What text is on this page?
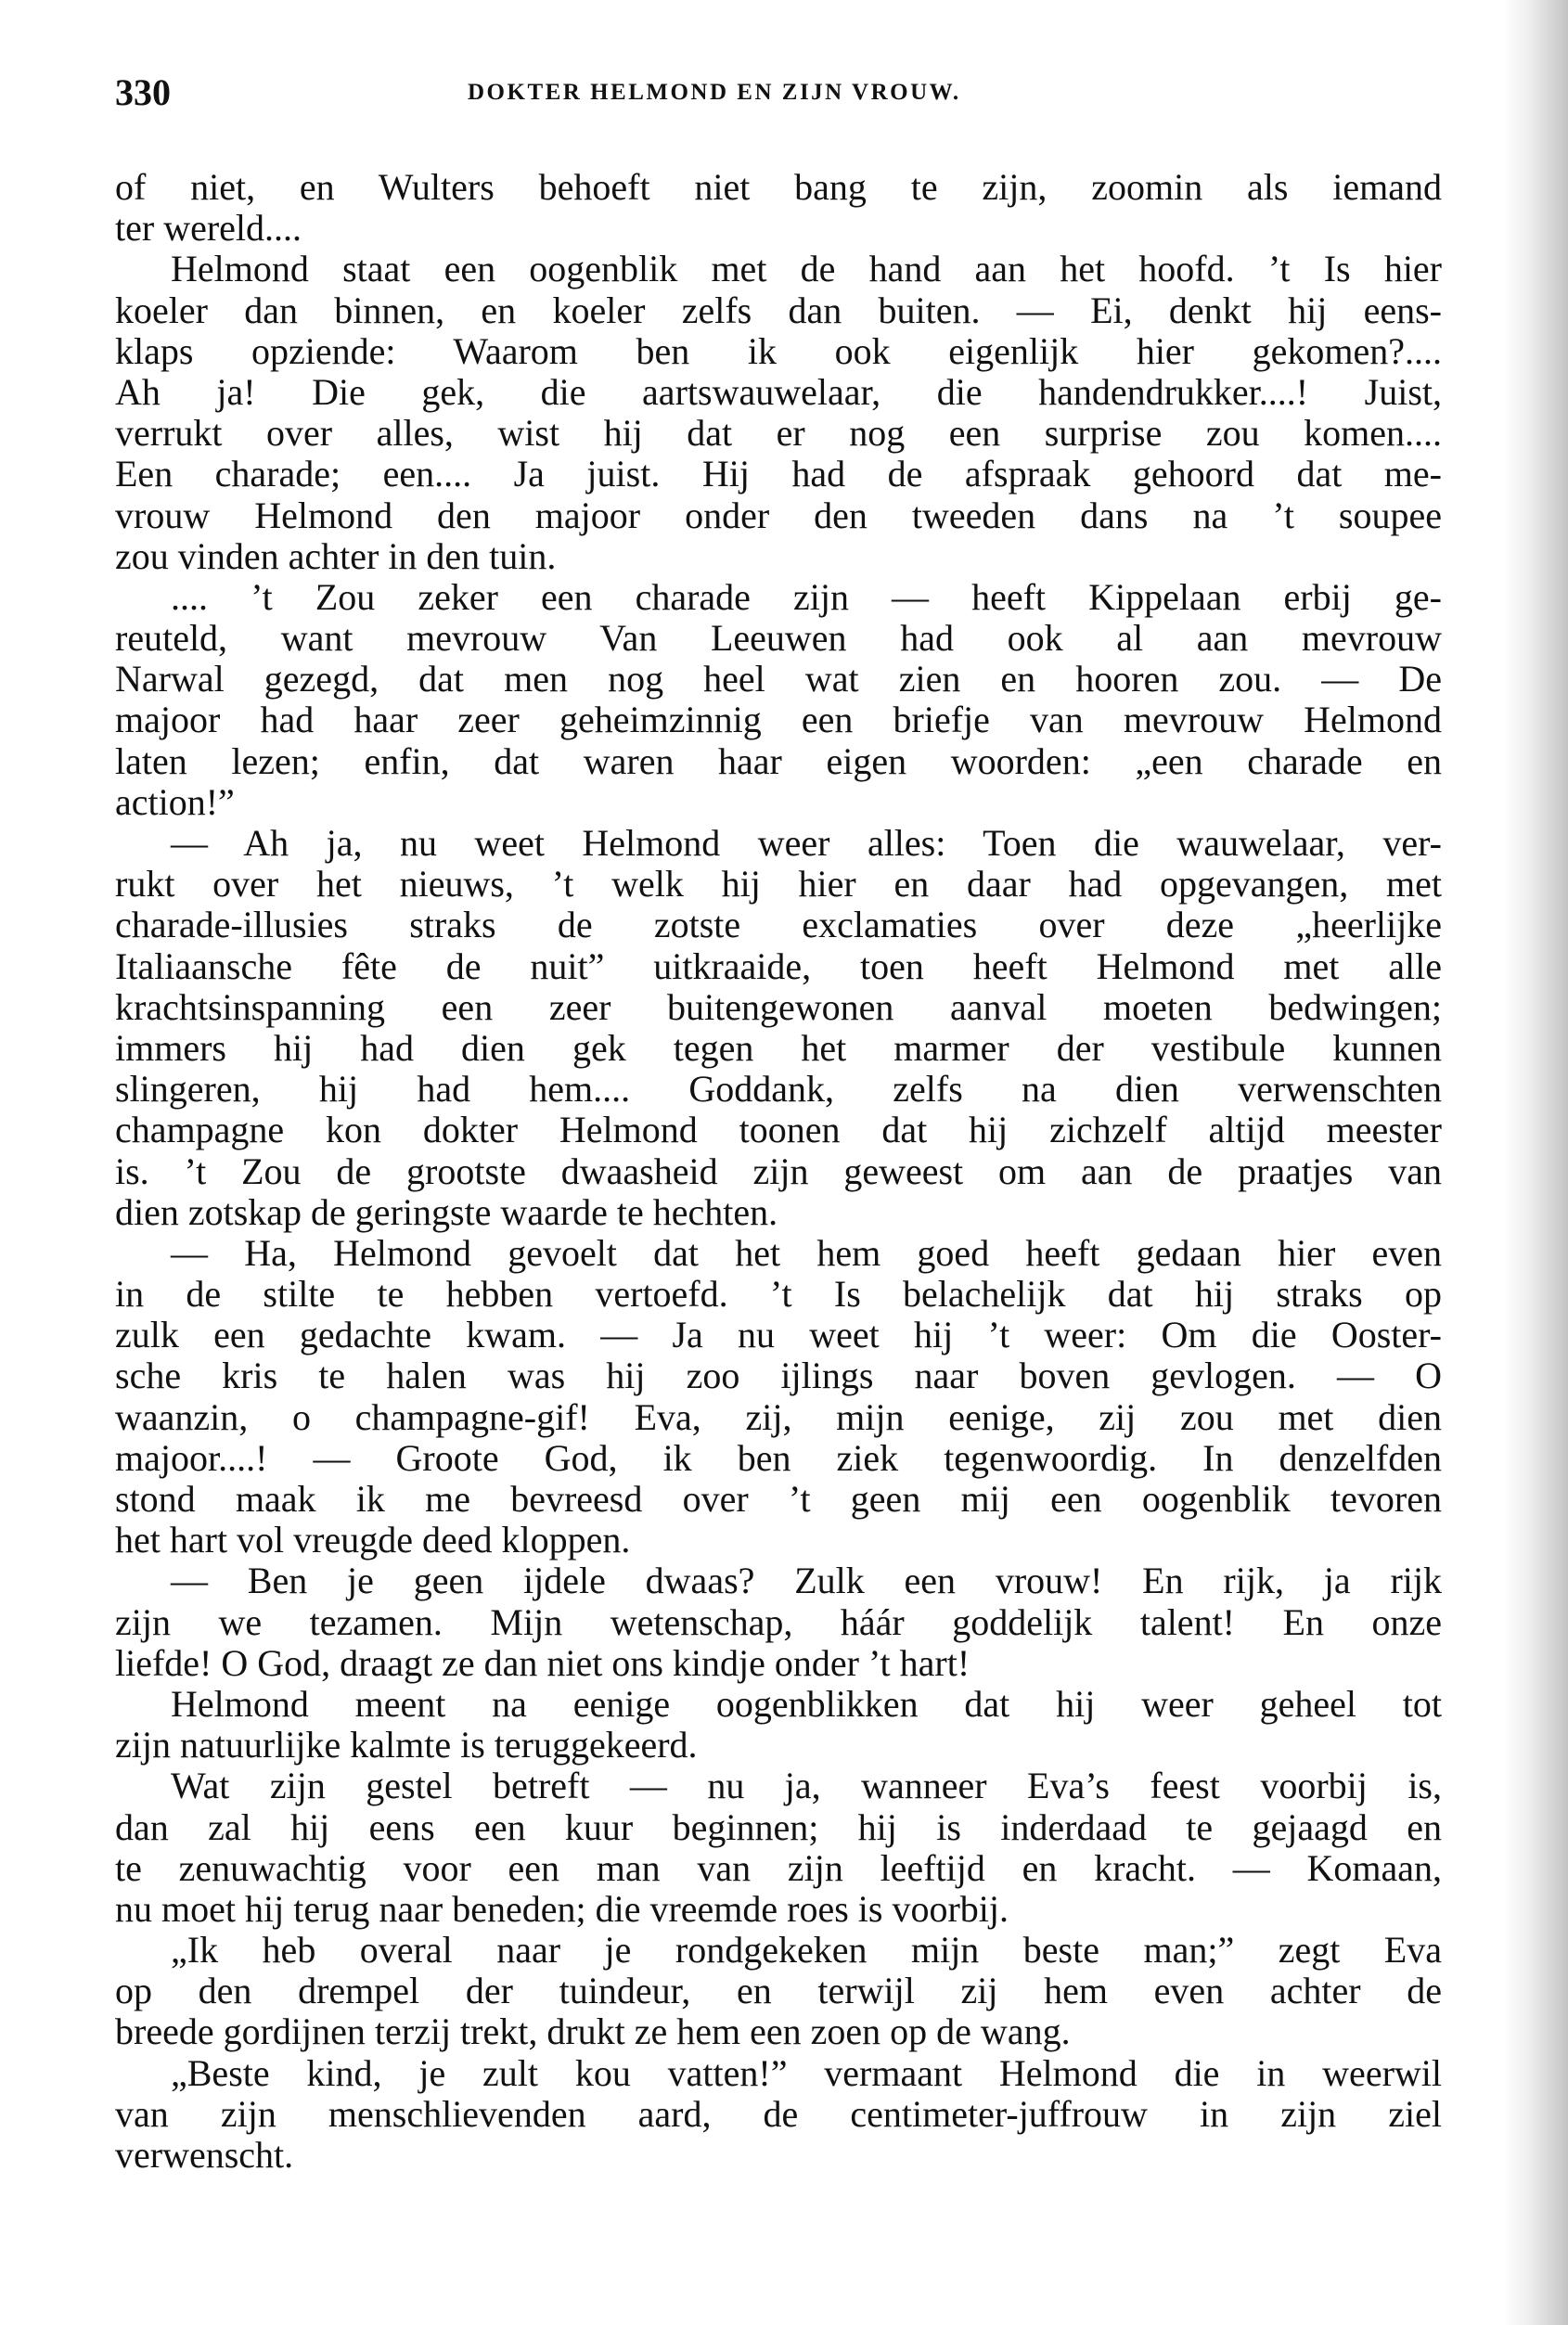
330	DOKTER HELMOND EN ZIJN VROUW.
of niet, en Wulters behoeft niet bang te zijn, zoomin als iemand
ter wereld....
Helmond staat een oogenblik met de hand aan het hoofd. ’t Is hier
koeler dan binnen, en koeler zelfs dan buiten. — Ei, denkt hij eens-
klaps opziende: Waarom ben ik ook eigenlijk hier gekomen?....
Ah ja! Die gek, die aartswauwelaar, die handendrukker....! Juist,
verrukt over alles, wist hij dat er nog een surprise zou komen....
Een charade; een.... Ja juist. Hij had de afspraak gehoord dat me-
vrouw Helmond den majoor onder den tweeden dans na ’t soupee
zou vinden achter in den tuin.
.... ’t Zou zeker een charade zijn — heeft Kippelaan erbij ge-
reuteld, want mevrouw Van Leeuwen had ook al aan mevrouw
Narwal gezegd, dat men nog heel wat zien en hooren zou. — De
majoor had haar zeer geheimzinnig een briefje van mevrouw Helmond
laten lezen; enfin, dat waren haar eigen woorden: „een charade en
action!”
— Ah ja, nu weet Helmond weer alles: Toen die wauwelaar, ver-
rukt over het nieuws, ’t welk hij hier en daar had opgevangen, met
charade-illusies straks de zotste exclamaties over deze „heerlijke
Italiaansche fête de nuit” uitkraaide, toen heeft Helmond met alle
krachtsinspanning een zeer buitengewonen aanval moeten bedwingen;
immers hij had dien gek tegen het marmer der vestibule kunnen
slingeren, hij had hem.... Goddank, zelfs na dien verwenschten
champagne kon dokter Helmond toonen dat hij zichzelf altijd meester
is. ’t Zou de grootste dwaasheid zijn geweest om aan de praatjes van
dien zotskap de geringste waarde te hechten.
— Ha, Helmond gevoelt dat het hem goed heeft gedaan hier even
in de stilte te hebben vertoefd. ’t Is belachelijk dat hij straks op
zulk een gedachte kwam. — Ja nu weet hij ’t weer: Om die Ooster-
sche kris te halen was hij zoo ijlings naar boven gevlogen. — O
waanzin, o champagne-gif! Eva, zij, mijn eenige, zij zou met dien
majoor....! — Groote God, ik ben ziek tegenwoordig. In denzelfden
stond maak ik me bevreesd over ’t geen mij een oogenblik tevoren
het hart vol vreugde deed kloppen.
— Ben je geen ijdele dwaas? Zulk een vrouw! En rijk, ja rijk
zijn we tezamen. Mijn wetenschap, háár goddelijk talent! En onze
liefde! O God, draagt ze dan niet ons kindje onder ’t hart!
Helmond meent na eenige oogenblikken dat hij weer geheel tot
zijn natuurlijke kalmte is teruggekeerd.
Wat zijn gestel betreft — nu ja, wanneer Eva’s feest voorbij is,
dan zal hij eens een kuur beginnen; hij is inderdaad te gejaagd en
te zenuwachtig voor een man van zijn leeftijd en kracht. — Komaan,
nu moet hij terug naar beneden; die vreemde roes is voorbij.
„Ik heb overal naar je rondgekeken mijn beste man;” zegt Eva
op den drempel der tuindeur, en terwijl zij hem even achter de
breede gordijnen terzij trekt, drukt ze hem een zoen op de wang.
„Beste kind, je zult kou vatten!” vermaant Helmond die in weerwil
van zijn menschlievenden aard, de centimeter-juffrouw in zijn ziel
verwenscht.
